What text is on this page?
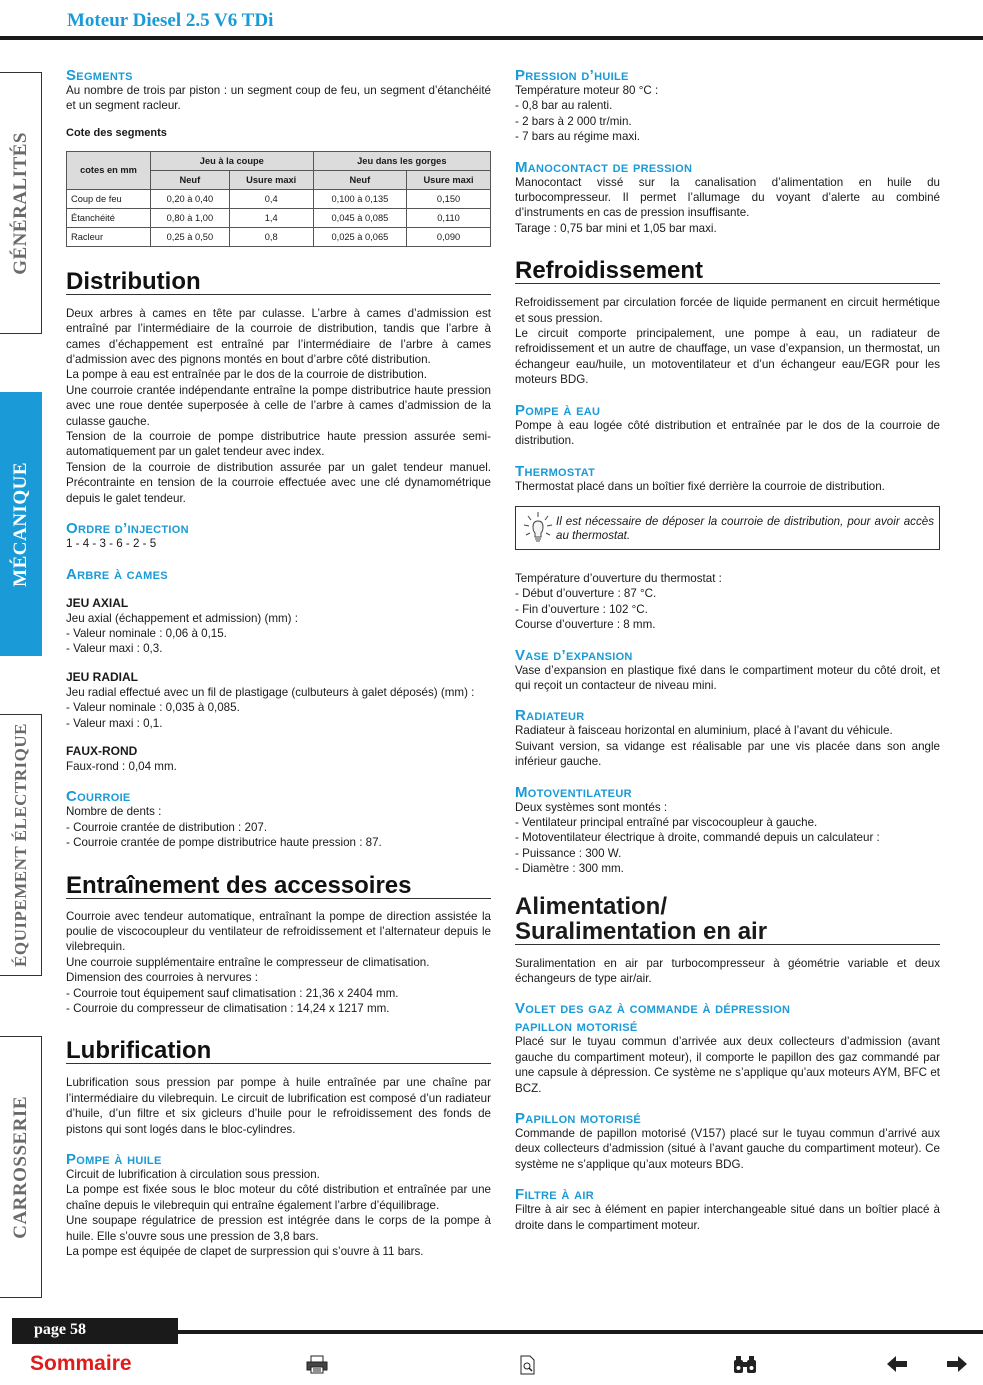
Moteur Diesel 2.5 V6 TDi
GÉNÉRALITÉS
MÉCANIQUE
ÉQUIPEMENT ÉLECTRIQUE
CARROSSERIE
Segments

Au nombre de trois par piston : un segment coup de feu, un segment d’étanchéité et un segment racleur.

Cote des segments
cotes en mm	Jeu à la coupe		Jeu dans les gorges	
	Neuf	Usure maxi	Neuf	Usure maxi
Coup de feu	0,20 à 0,40	0,4	0,100 à 0,135	0,150
Étanchéité	0,80 à 1,00	1,4	0,045 à 0,085	0,110
Racleur	0,25 à 0,50	0,8	0,025 à 0,065	0,090
Distribution

Deux arbres à cames en tête par culasse. L’arbre à cames d’admission est entraîné par l’intermédiaire de la courroie de distribution, tandis que l’arbre à cames d’échappement est entraîné par l’intermédiaire de l’arbre à cames d’admission avec des pignons montés en bout d’arbre côté distribution.

La pompe à eau est entraînée par le dos de la courroie de distribution.

Une courroie crantée indépendante entraîne la pompe distributrice haute pression avec une roue dentée superposée à celle de l’arbre à cames d’admission de la culasse gauche.

Tension de la courroie de pompe distributrice haute pression assurée semi-automatiquement par un galet tendeur avec index.

Tension de la courroie de distribution assurée par un galet tendeur manuel. Précontrainte en tension de la courroie effectuée avec une clé dynamométrique depuis le galet tendeur.

Ordre d’injection
1 - 4 - 3 - 6 - 2 - 5
Arbre à cames
JEU AXIAL
Jeu axial (échappement et admission) (mm) :
- Valeur nominale : 0,06 à 0,15.
- Valeur maxi : 0,3.
JEU RADIAL
Jeu radial effectué avec un fil de plastigage (culbuteurs à galet déposés) (mm) :
- Valeur nominale : 0,035 à 0,085.
- Valeur maxi : 0,1.
FAUX-ROND
Faux-rond : 0,04 mm.
Courroie
Nombre de dents :
- Courroie crantée de distribution : 207.
- Courroie crantée de pompe distributrice haute pression : 87.
Entraînement des accessoires

Courroie avec tendeur automatique, entraînant la pompe de direction assistée la poulie de viscocoupleur du ventilateur de refroidissement et l’alternateur depuis le vilebrequin.

Une courroie supplémentaire entraîne le compresseur de climatisation.

Dimension des courroies à nervures :
- Courroie tout équipement sauf climatisation : 21,36 x 2404 mm.
- Courroie du compresseur de climatisation : 14,24 x 1217 mm.
Lubrification

Lubrification sous pression par pompe à huile entraînée par une chaîne par l’intermédiaire du vilebrequin. Le circuit de lubrification est composé d’un radiateur d’huile, d’un filtre et six gicleurs d’huile pour le refroidissement des fonds de pistons qui sont logés dans le bloc-cylindres.

Pompe à huile

Circuit de lubrification à circulation sous pression.

La pompe est fixée sous le bloc moteur du côté distribution et entraînée par une chaîne depuis le vilebrequin qui entraîne également l’arbre d’équilibrage.

Une soupape régulatrice de pression est intégrée dans le corps de la pompe à huile. Elle s’ouvre sous une pression de 3,8 bars.

La pompe est équipée de clapet de surpression qui s’ouvre à 11 bars.

Pression d’huile
Température moteur 80 °C :
- 0,8 bar au ralenti.
- 2 bars à 2 000 tr/min.
- 7 bars au régime maxi.
Manocontact de pression

Manocontact vissé sur la canalisation d’alimentation en huile du turbocompresseur. Il permet l’allumage du voyant d’alerte au combiné d’instruments en cas de pression insuffisante.

Tarage : 0,75 bar mini et 1,05 bar maxi.

Refroidissement

Refroidissement par circulation forcée de liquide permanent en circuit hermétique et sous pression.

Le circuit comporte principalement, une pompe à eau, un radiateur de refroidissement et un autre de chauffage, un vase d’expansion, un thermostat, un échangeur eau/huile, un motoventilateur et d’un échangeur eau/EGR pour les moteurs BDG.

Pompe à eau

Pompe à eau logée côté distribution et entraînée par le dos de la courroie de distribution.

Thermostat

Thermostat placé dans un boîtier fixé derrière la courroie de distribution.

Il est nécessaire de déposer la courroie de distribution, pour avoir accès au thermostat.
Température d’ouverture du thermostat :
- Début d’ouverture : 87 °C.
- Fin d’ouverture : 102 °C.
Course d’ouverture : 8 mm.
Vase d’expansion

Vase d’expansion en plastique fixé dans le compartiment moteur du côté droit, et qui reçoit un contacteur de niveau mini.

Radiateur

Radiateur à faisceau horizontal en aluminium, placé à l’avant du véhicule.

Suivant version, sa vidange est réalisable par une vis placée dans son angle inférieur gauche.

Motoventilateur
Deux systèmes sont montés :
- Ventilateur principal entraîné par viscocoupleur à gauche.
- Motoventilateur électrique à droite, commandé depuis un calculateur :
- Puissance : 300 W.
- Diamètre : 300 mm.
Alimentation/
Suralimentation en air

Suralimentation en air par turbocompresseur à géométrie variable et deux échangeurs de type air/air.

Volet des gaz à commande à dépression
papillon motorisé

Placé sur le tuyau commun d’arrivée aux deux collecteurs d’admission (avant gauche du compartiment moteur), il comporte le papillon des gaz commandé par une capsule à dépression. Ce système ne s’applique qu’aux moteurs AYM, BFC et BCZ.

Papillon motorisé

Commande de papillon motorisé (V157) placé sur le tuyau commun d’arrivé aux deux collecteurs d’admission (situé à l’avant gauche du compartiment moteur). Ce système ne s’applique qu’aux moteurs BDG.

Filtre à air

Filtre à air sec à élément en papier interchangeable situé dans un boîtier placé à droite dans le compartiment moteur.

page 58
Sommaire
